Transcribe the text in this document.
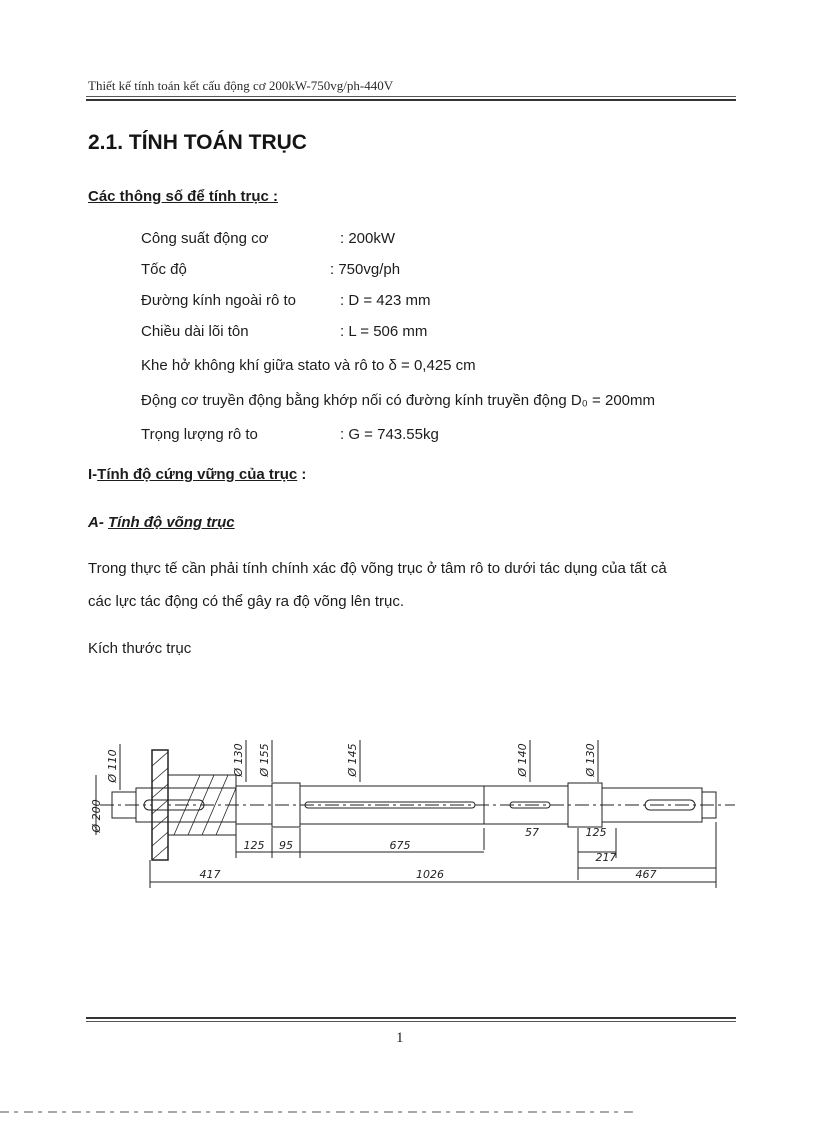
Thiết kế tính toán kết cấu động cơ 200kW-750vg/ph-440V
2.1. TÍNH TOÁN TRỤC
Các thông số để tính trục :

Công suất động cơ	: 200kW

Tốc độ	: 750vg/ph

Đường kính ngoài rô to	: D = 423 mm

Chiều dài lõi tôn	: L = 506 mm

Khe hở không khí giữa stato và rô to δ = 0,425 cm

Động cơ truyền động bằng khớp nối có đường kính truyền động D₀ = 200mm

Trọng lượng rô to	: G = 743.55kg

I-Tính độ cứng vững của trục :
A- Tính độ võng trục

Trong thực tế cần phải tính chính xác độ võng trục ở tâm rô to dưới tác dụng của tất cả

các lực tác động có thể gây ra độ võng lên trục.

Kích thước trục

Ø 200
Ø 110	Ø 130 Ø 155	Ø 145	Ø 140	Ø 130
125 95	675
57	125
217
417	1026	467
1
